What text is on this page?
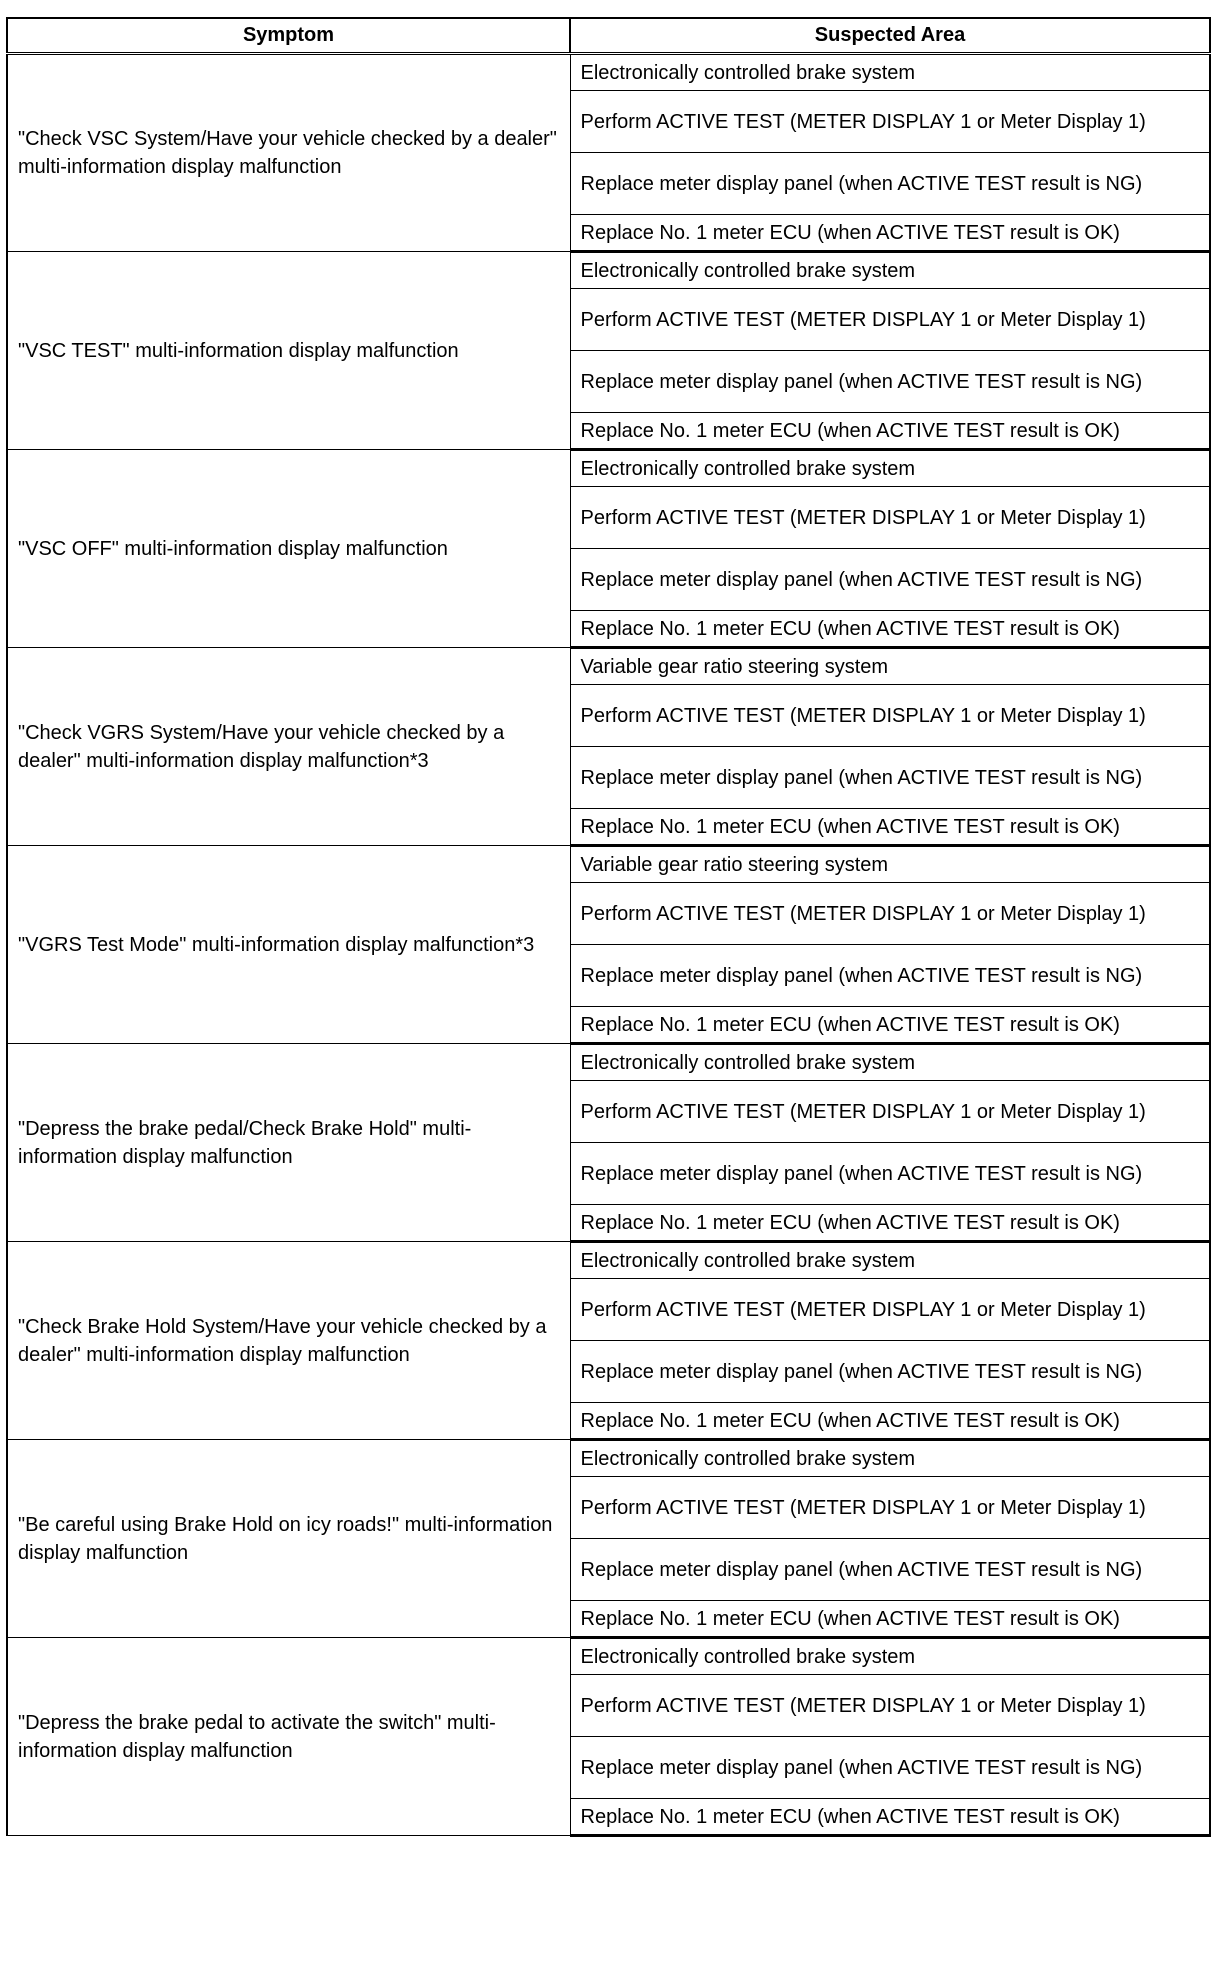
Symptom	Suspected Area
"Check VSC System/Have your vehicle checked by a dealer" multi-information display malfunction	Electronically controlled brake system
	Perform ACTIVE TEST (METER DISPLAY 1 or Meter Display 1)
	Replace meter display panel (when ACTIVE TEST result is NG)
	Replace No. 1 meter ECU (when ACTIVE TEST result is OK)
"VSC TEST" multi-information display malfunction	Electronically controlled brake system
	Perform ACTIVE TEST (METER DISPLAY 1 or Meter Display 1)
	Replace meter display panel (when ACTIVE TEST result is NG)
	Replace No. 1 meter ECU (when ACTIVE TEST result is OK)
"VSC OFF" multi-information display malfunction	Electronically controlled brake system
	Perform ACTIVE TEST (METER DISPLAY 1 or Meter Display 1)
	Replace meter display panel (when ACTIVE TEST result is NG)
	Replace No. 1 meter ECU (when ACTIVE TEST result is OK)
"Check VGRS System/Have your vehicle checked by a dealer" multi-information display malfunction*3	Variable gear ratio steering system
	Perform ACTIVE TEST (METER DISPLAY 1 or Meter Display 1)
	Replace meter display panel (when ACTIVE TEST result is NG)
	Replace No. 1 meter ECU (when ACTIVE TEST result is OK)
"VGRS Test Mode" multi-information display malfunction*3	Variable gear ratio steering system
	Perform ACTIVE TEST (METER DISPLAY 1 or Meter Display 1)
	Replace meter display panel (when ACTIVE TEST result is NG)
	Replace No. 1 meter ECU (when ACTIVE TEST result is OK)
"Depress the brake pedal/Check Brake Hold" multi-information display malfunction	Electronically controlled brake system
	Perform ACTIVE TEST (METER DISPLAY 1 or Meter Display 1)
	Replace meter display panel (when ACTIVE TEST result is NG)
	Replace No. 1 meter ECU (when ACTIVE TEST result is OK)
"Check Brake Hold System/Have your vehicle checked by a dealer" multi-information display malfunction	Electronically controlled brake system
	Perform ACTIVE TEST (METER DISPLAY 1 or Meter Display 1)
	Replace meter display panel (when ACTIVE TEST result is NG)
	Replace No. 1 meter ECU (when ACTIVE TEST result is OK)
"Be careful using Brake Hold on icy roads!" multi-information display malfunction	Electronically controlled brake system
	Perform ACTIVE TEST (METER DISPLAY 1 or Meter Display 1)
	Replace meter display panel (when ACTIVE TEST result is NG)
	Replace No. 1 meter ECU (when ACTIVE TEST result is OK)
"Depress the brake pedal to activate the switch" multi-information display malfunction	Electronically controlled brake system
	Perform ACTIVE TEST (METER DISPLAY 1 or Meter Display 1)
	Replace meter display panel (when ACTIVE TEST result is NG)
	Replace No. 1 meter ECU (when ACTIVE TEST result is OK)
